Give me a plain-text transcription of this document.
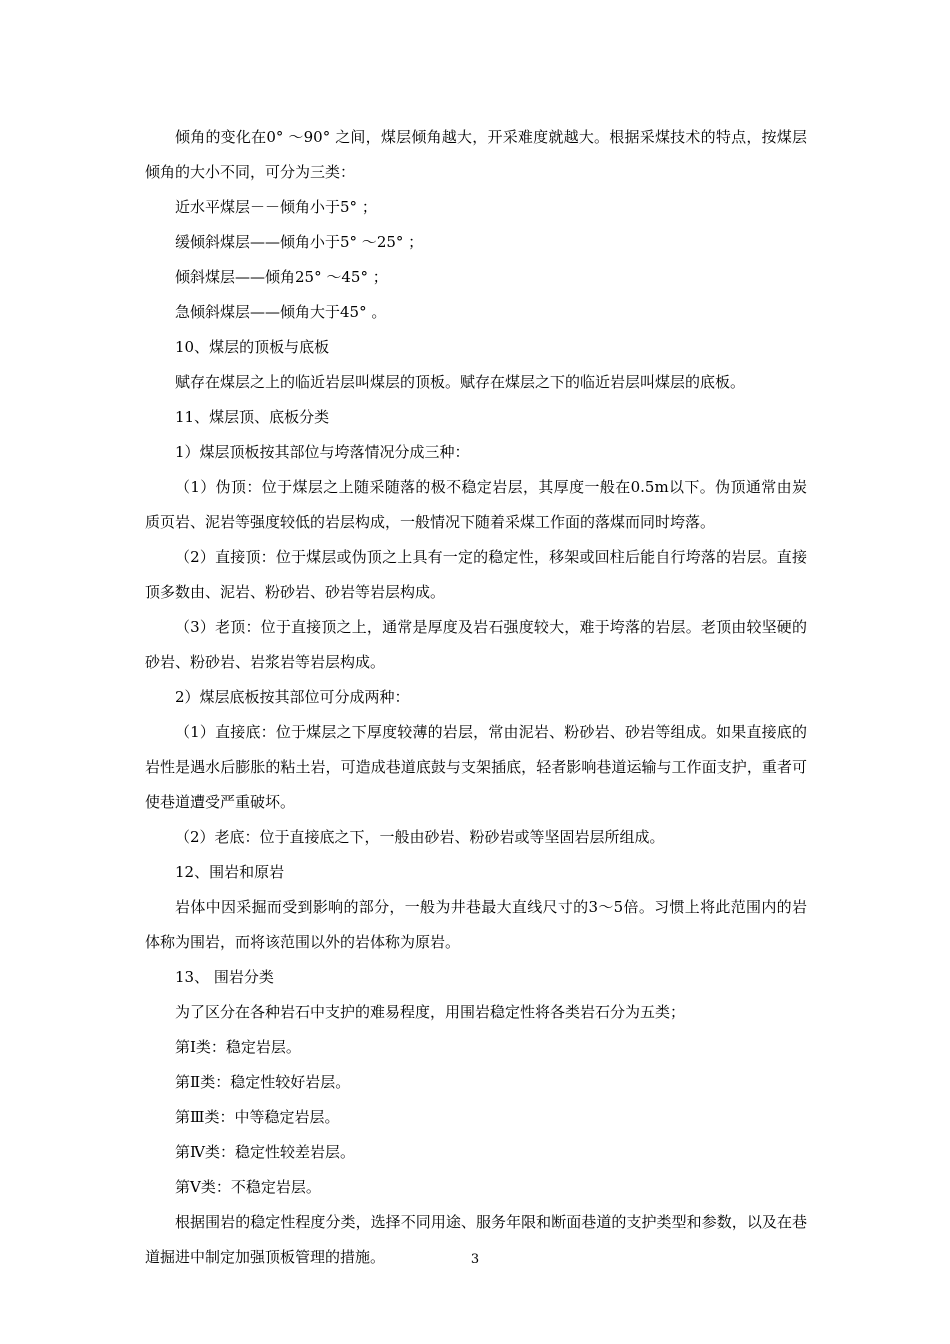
倾角的变化在0° ～90° 之间，煤层倾角越大，开采难度就越大。根据采煤技术的特点，按煤层倾角的大小不同，可分为三类：

近水平煤层－－倾角小于5° ；

缓倾斜煤层——倾角小于5° ～25° ；

倾斜煤层——倾角25° ～45° ；

急倾斜煤层——倾角大于45° 。

10、煤层的顶板与底板

赋存在煤层之上的临近岩层叫煤层的顶板。赋存在煤层之下的临近岩层叫煤层的底板。

11、煤层顶、底板分类

1）煤层顶板按其部位与垮落情况分成三种：

（1）伪顶：位于煤层之上随采随落的极不稳定岩层，其厚度一般在0.5m以下。伪顶通常由炭质页岩、泥岩等强度较低的岩层构成，一般情况下随着采煤工作面的落煤而同时垮落。

（2）直接顶：位于煤层或伪顶之上具有一定的稳定性，移架或回柱后能自行垮落的岩层。直接顶多数由、泥岩、粉砂岩、砂岩等岩层构成。

（3）老顶：位于直接顶之上，通常是厚度及岩石强度较大，难于垮落的岩层。老顶由较坚硬的砂岩、粉砂岩、岩浆岩等岩层构成。

2）煤层底板按其部位可分成两种：

（1）直接底：位于煤层之下厚度较薄的岩层，常由泥岩、粉砂岩、砂岩等组成。如果直接底的岩性是遇水后膨胀的粘土岩，可造成巷道底鼓与支架插底，轻者影响巷道运输与工作面支护，重者可使巷道遭受严重破坏。

（2）老底：位于直接底之下，一般由砂岩、粉砂岩或等坚固岩层所组成。

12、围岩和原岩

岩体中因采掘而受到影响的部分，一般为井巷最大直线尺寸的3～5倍。习惯上将此范围内的岩体称为围岩，而将该范围以外的岩体称为原岩。

13、 围岩分类

为了区分在各种岩石中支护的难易程度，用围岩稳定性将各类岩石分为五类；

第Ⅰ类：稳定岩层。

第Ⅱ类：稳定性较好岩层。

第Ⅲ类：中等稳定岩层。

第Ⅳ类：稳定性较差岩层。

第Ⅴ类：不稳定岩层。

根据围岩的稳定性程度分类，选择不同用途、服务年限和断面巷道的支护类型和参数，以及在巷道掘进中制定加强顶板管理的措施。	3
